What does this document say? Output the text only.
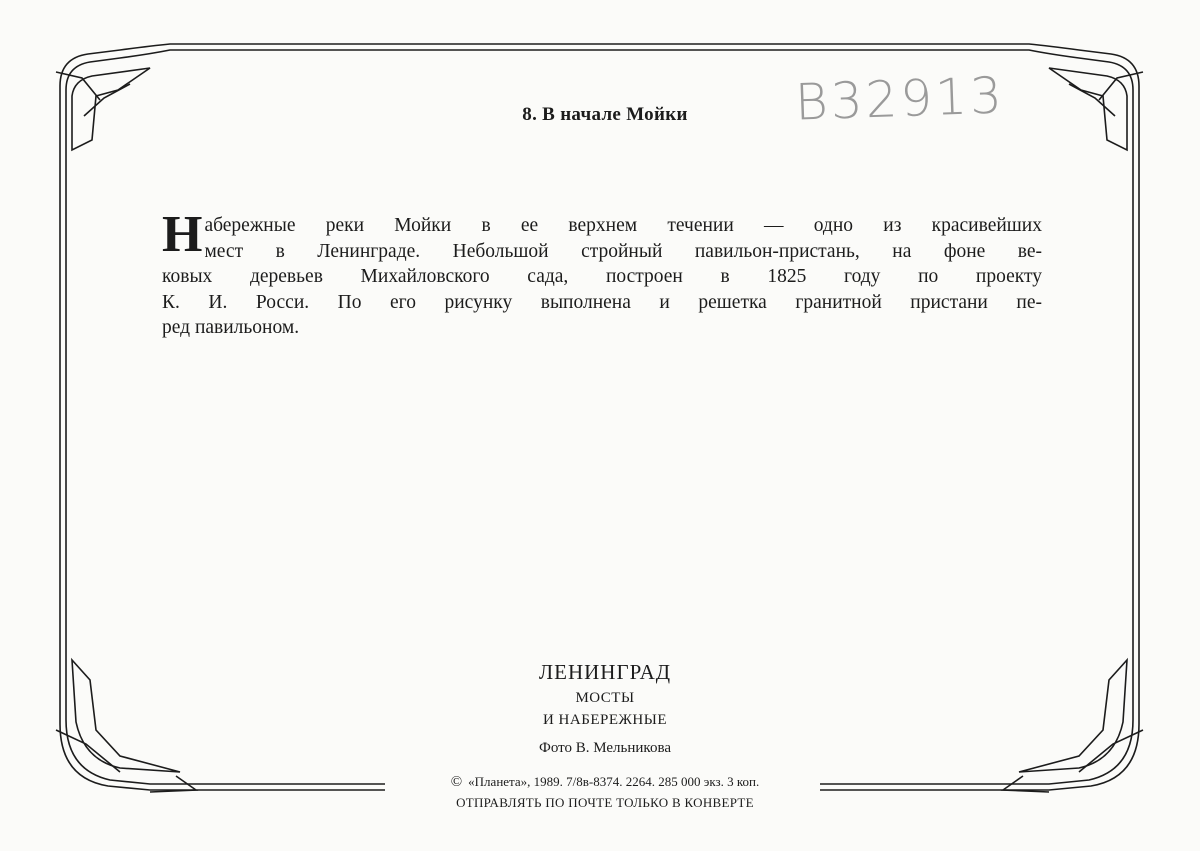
8. В начале Мойки	B32913
Н абережные реки Мойки в ее верхнем течении — одно из красивейших
мест в Ленинграде. Небольшой стройный павильон-пристань, на фоне ве-
ковых деревьев Михайловского сада, построен в 1825 году по проекту
К. И. Росси. По его рисунку выполнена и решетка гранитной пристани пе-
ред павильоном.
ЛЕНИНГРАД
МОСТЫ
И НАБЕРЕЖНЫЕ
Фото В. Мельникова
© «Планета», 1989. 7/8в-8374. 2264. 285 000 экз. 3 коп.
ОТПРАВЛЯТЬ ПО ПОЧТЕ ТОЛЬКО В КОНВЕРТЕ
